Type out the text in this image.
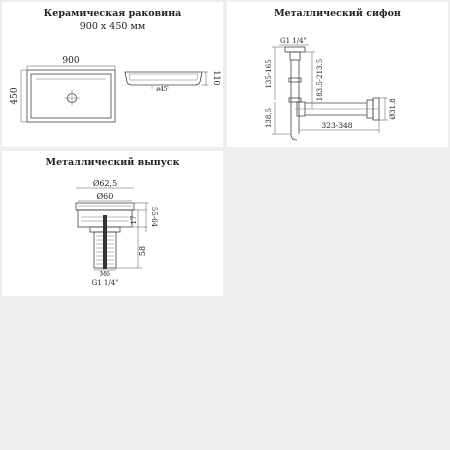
Керамическая раковина
900 x 450 мм
900
450	ø45
110
Металлический сифон
G1 1/4"
135-165	183.5-213.5
138.5	323-348
Ø31.8
Металлический выпуск
Ø62,5
Ø60
17 55-64
58
M6
G1 1/4"
